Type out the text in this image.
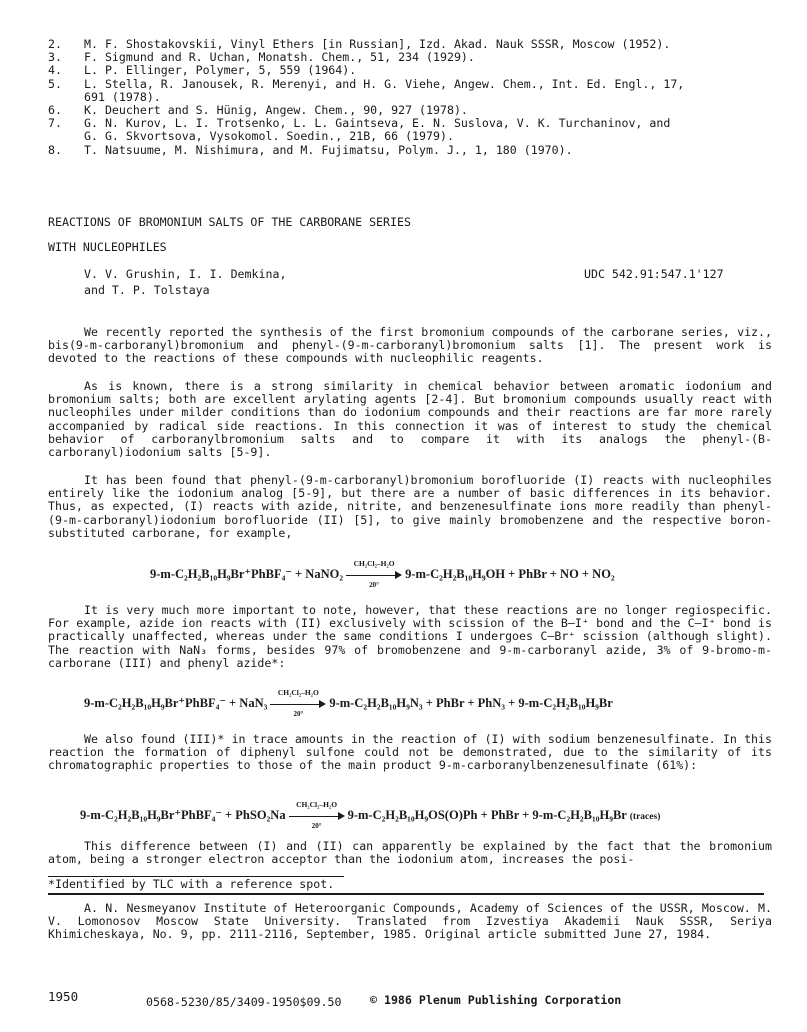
2.	M. F. Shostakovskii, Vinyl Ethers [in Russian], Izd. Akad. Nauk SSSR, Moscow (1952).
3.	F. Sigmund and R. Uchan, Monatsh. Chem., 51, 234 (1929).
4.	L. P. Ellinger, Polymer, 5, 559 (1964).
5.	L. Stella, R. Janousek, R. Merenyi, and H. G. Viehe, Angew. Chem., Int. Ed. Engl., 17,
691 (1978).
6.	K. Deuchert and S. Hünig, Angew. Chem., 90, 927 (1978).
7.	G. N. Kurov, L. I. Trotsenko, L. L. Gaintseva, E. N. Suslova, V. K. Turchaninov, and
G. G. Skvortsova, Vysokomol. Soedin., 21B, 66 (1979).
8.	T. Natsuume, M. Nishimura, and M. Fujimatsu, Polym. J., 1, 180 (1970).
REACTIONS OF BROMONIUM SALTS OF THE CARBORANE SERIES
WITH NUCLEOPHILES
V. V. Grushin, I. I. Demkina,
and T. P. Tolstaya
UDC 542.91:547.1'127
We recently reported the synthesis of the first bromonium compounds of the carborane series, viz., bis(9-m-carboranyl)bromonium and phenyl-(9-m-carboranyl)bromonium salts [1]. The present work is devoted to the reactions of these compounds with nucleophilic reagents.
As is known, there is a strong similarity in chemical behavior between aromatic iodonium and bromonium salts; both are excellent arylating agents [2-4]. But bromonium compounds usually react with nucleophiles under milder conditions than do iodonium compounds and their reactions are far more rarely accompanied by radical side reactions. In this connection it was of interest to study the chemical behavior of carboranylbromonium salts and to compare it with its analogs the phenyl-(B-carboranyl)iodonium salts [5-9].
It has been found that phenyl-(9-m-carboranyl)bromonium borofluoride (I) reacts with nucleophiles entirely like the iodonium analog [5-9], but there are a number of basic differences in its behavior. Thus, as expected, (I) reacts with azide, nitrite, and benzenesulfinate ions more readily than phenyl-(9-m-carboranyl)iodonium borofluoride (II) [5], to give mainly bromobenzene and the respective boron-substituted carborane, for example,
9-m-C₂H₂B₁₀H₉Br⁺PhBF₄⁻ + NaNO₂ $\frac{\text{CH₂Cl₂–H₂O}}{20^\circ} 9-m-C_2H_2B_{10}H_9OH$ + PhBr + NO + NO₂
It is very much more important to note, however, that these reactions are no longer regiospecific. For example, azide ion reacts with (II) exclusively with scission of the B–I⁺ bond and the C–I⁺ bond is practically unaffected, whereas under the same conditions I undergoes C–Br⁺ scission (although slight). The reaction with NaN₃ forms, besides 97% of bromobenzene and 9-m-carboranyl azide, 3% of 9-bromo-m-carborane (III) and phenyl azide*:
9-m-C₂H₂B₁₀H₉Br⁺PhBF₄⁻ + $NaN_3 \frac{\text{CH₂Cl₂–H₂O}}{20^\circ} 9-m-C_2H_2B_{10}H_9N_3$ + PhBr + PhN₃ + 9-m-C₂H₂B₁₀H₉Br
We also found (III)* in trace amounts in the reaction of (I) with sodium benzenesulfinate. In this reaction the formation of diphenyl sulfone could not be demonstrated, due to the similarity of its chromatographic properties to those of the main product 9-m-carboranylbenzenesulfinate (61%):
9-m-C₂H₂B₁₀H₉Br⁺PhBF₄⁻ + PhSO₂Na $\frac{\text{CH₂Cl₂–H₂O}}{20^\circ} 9-m-C_2H_2B_{10}H_9OS(O)Ph$ + PhBr + 9-m-C₂H₂B₁₀H₉Br (traces)
This difference between (I) and (II) can apparently be explained by the fact that the bromonium atom, being a stronger electron acceptor than the iodonium atom, increases the posi-
*Identified by TLC with a reference spot.
A. N. Nesmeyanov Institute of Heteroorganic Compounds, Academy of Sciences of the USSR, Moscow. M. V. Lomonosov Moscow State University. Translated from Izvestiya Akademii Nauk SSSR, Seriya Khimicheskaya, No. 9, pp. 2111-2116, September, 1985. Original article submitted June 27, 1984.
1950	0568-5230/85/3409-1950$09.50 © 1986 Plenum Publishing Corporation
